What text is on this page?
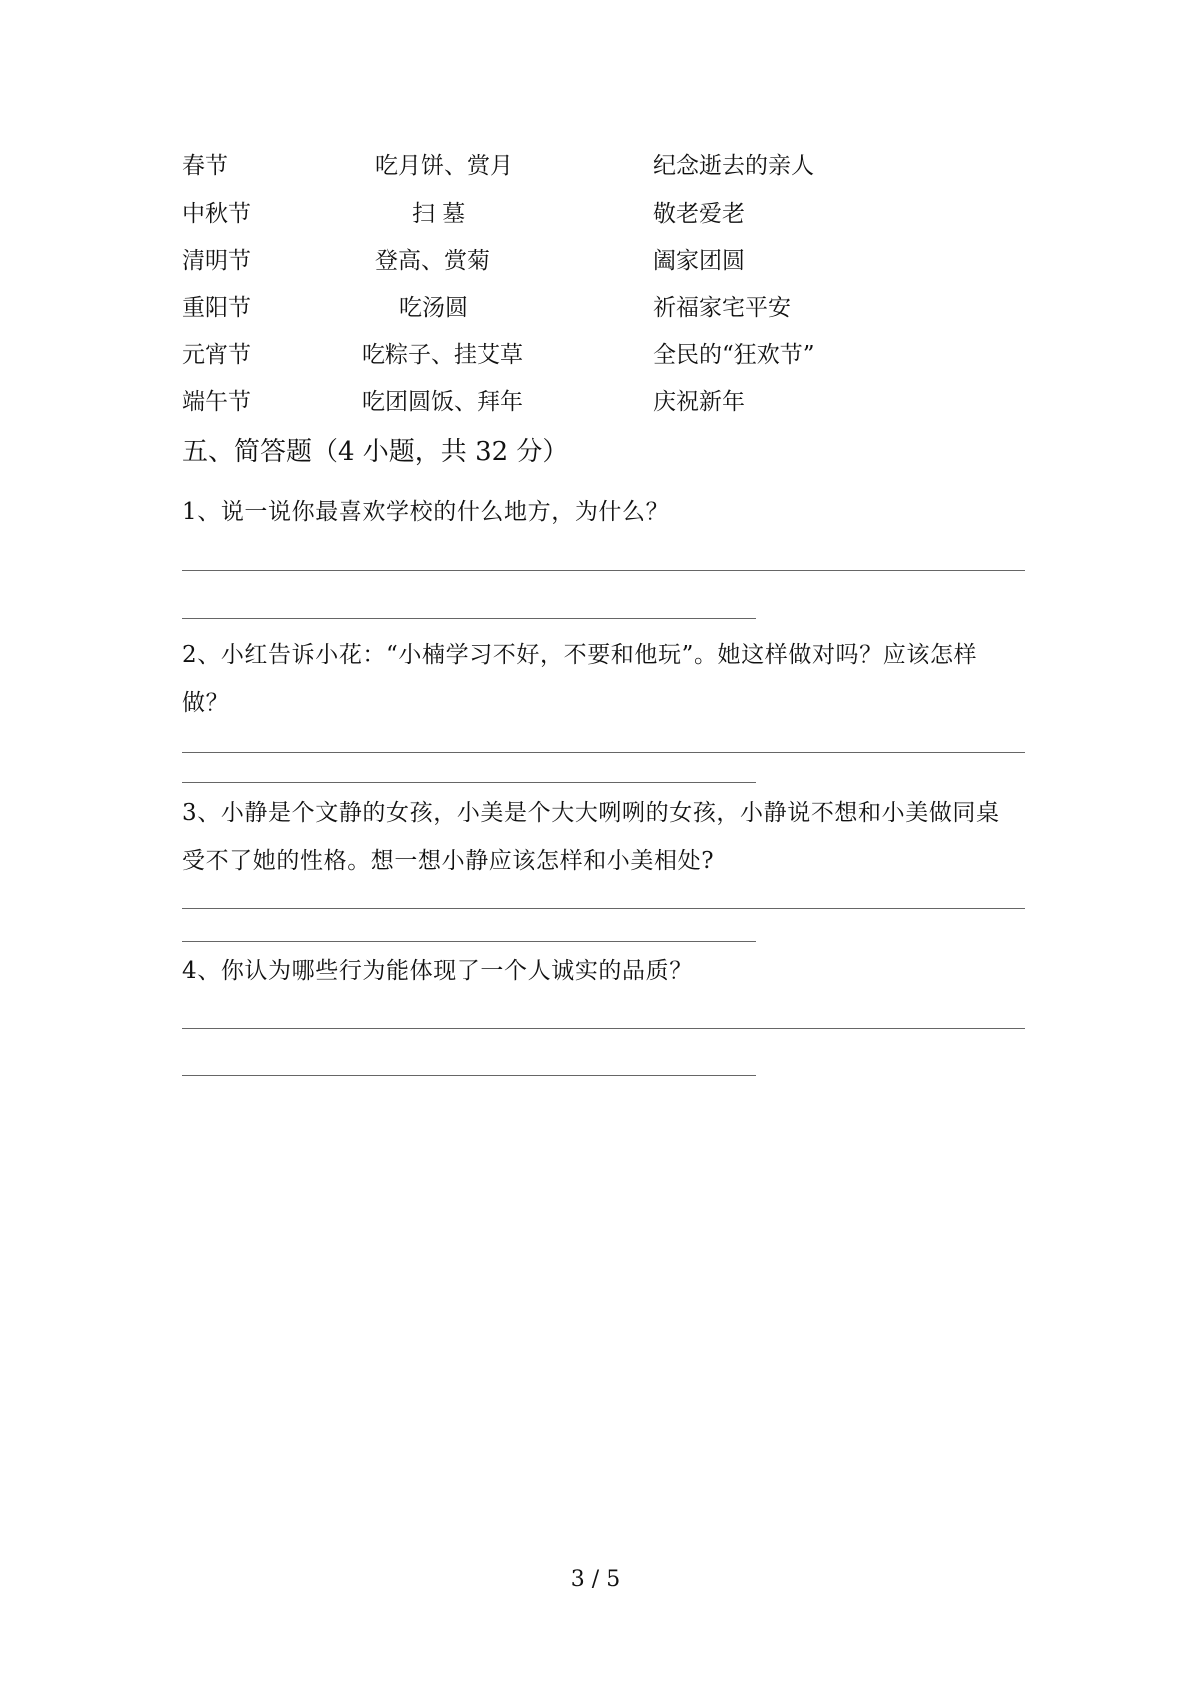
春节	吃月饼、赏月	纪念逝去的亲人
中秋节	扫 墓	敬老爱老
清明节	登高、赏菊	阖家团圆
重阳节	吃汤圆	祈福家宅平安
元宵节	吃粽子、挂艾草	全民的“狂欢节”
端午节	吃团圆饭、拜年	庆祝新年
五、简答题（4 小题，共 32 分）
1、说一说你最喜欢学校的什么地方，为什么？
2、小红告诉小花：“小楠学习不好，不要和他玩”。她这样做对吗？应该怎样做？
3、小静是个文静的女孩，小美是个大大咧咧的女孩，小静说不想和小美做同桌受不了她的性格。想一想小静应该怎样和小美相处?
4、你认为哪些行为能体现了一个人诚实的品质？
3 / 5
